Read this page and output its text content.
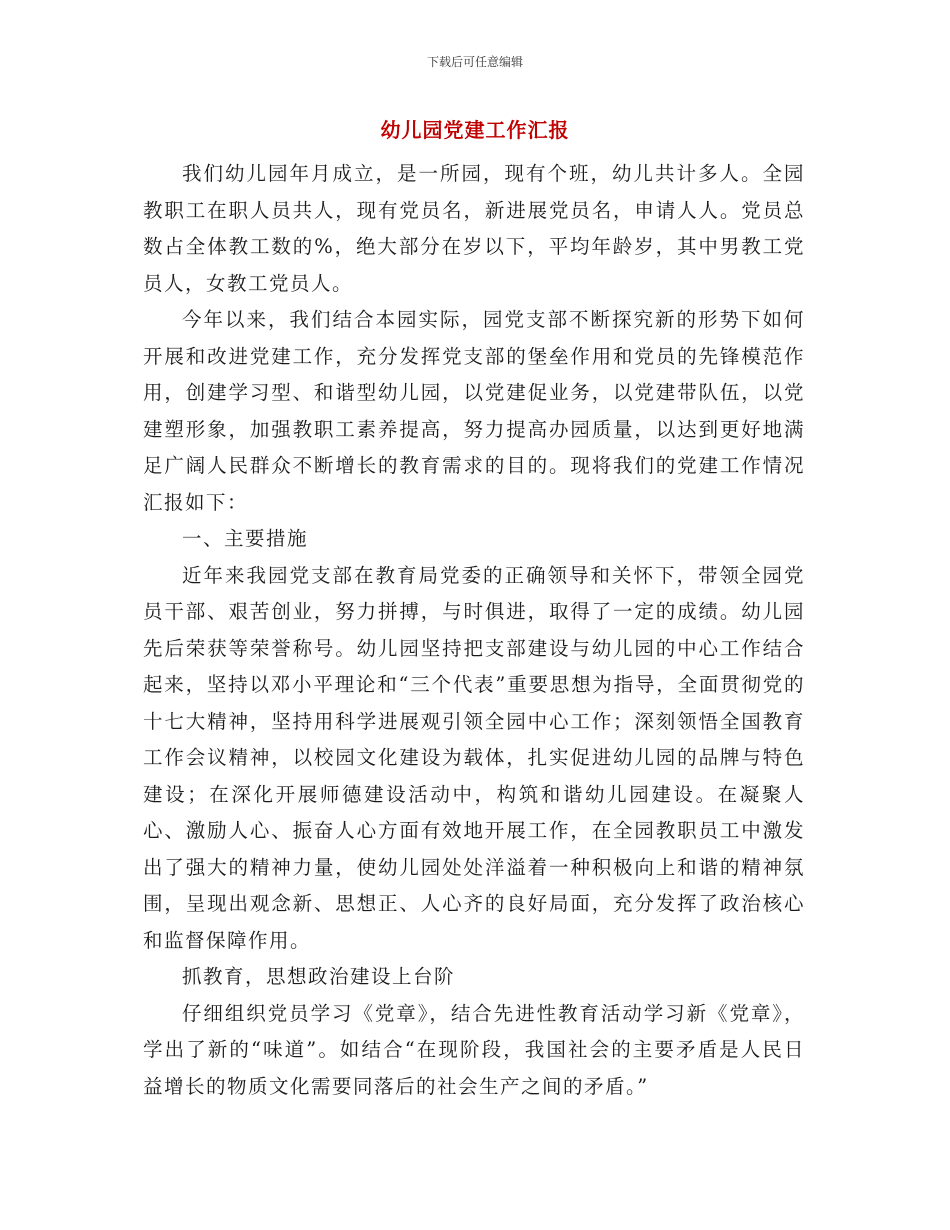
下载后可任意编辑
幼儿园党建工作汇报

我们幼儿园年月成立，是一所园，现有个班，幼儿共计多人。全园教职工在职人员共人，现有党员名，新进展党员名，申请人人。党员总数占全体教工数的%，绝大部分在岁以下，平均年龄岁，其中男教工党员人，女教工党员人。

今年以来，我们结合本园实际，园党支部不断探究新的形势下如何开展和改进党建工作，充分发挥党支部的堡垒作用和党员的先锋模范作用，创建学习型、和谐型幼儿园，以党建促业务，以党建带队伍，以党建塑形象，加强教职工素养提高，努力提高办园质量，以达到更好地满足广阔人民群众不断增长的教育需求的目的。现将我们的党建工作情况汇报如下：

一、主要措施

近年来我园党支部在教育局党委的正确领导和关怀下，带领全园党员干部、艰苦创业，努力拼搏，与时俱进，取得了一定的成绩。幼儿园先后荣获等荣誉称号。幼儿园坚持把支部建设与幼儿园的中心工作结合起来，坚持以邓小平理论和“三个代表”重要思想为指导，全面贯彻党的十七大精神，坚持用科学进展观引领全园中心工作；深刻领悟全国教育工作会议精神，以校园文化建设为载体，扎实促进幼儿园的品牌与特色建设；在深化开展师德建设活动中，构筑和谐幼儿园建设。在凝聚人心、激励人心、振奋人心方面有效地开展工作，在全园教职员工中激发出了强大的精神力量，使幼儿园处处洋溢着一种积极向上和谐的精神氛围，呈现出观念新、思想正、人心齐的良好局面，充分发挥了政治核心和监督保障作用。

抓教育，思想政治建设上台阶

仔细组织党员学习《党章》，结合先进性教育活动学习新《党章》，学出了新的“味道”。如结合“在现阶段，我国社会的主要矛盾是人民日益增长的物质文化需要同落后的社会生产之间的矛盾。”
